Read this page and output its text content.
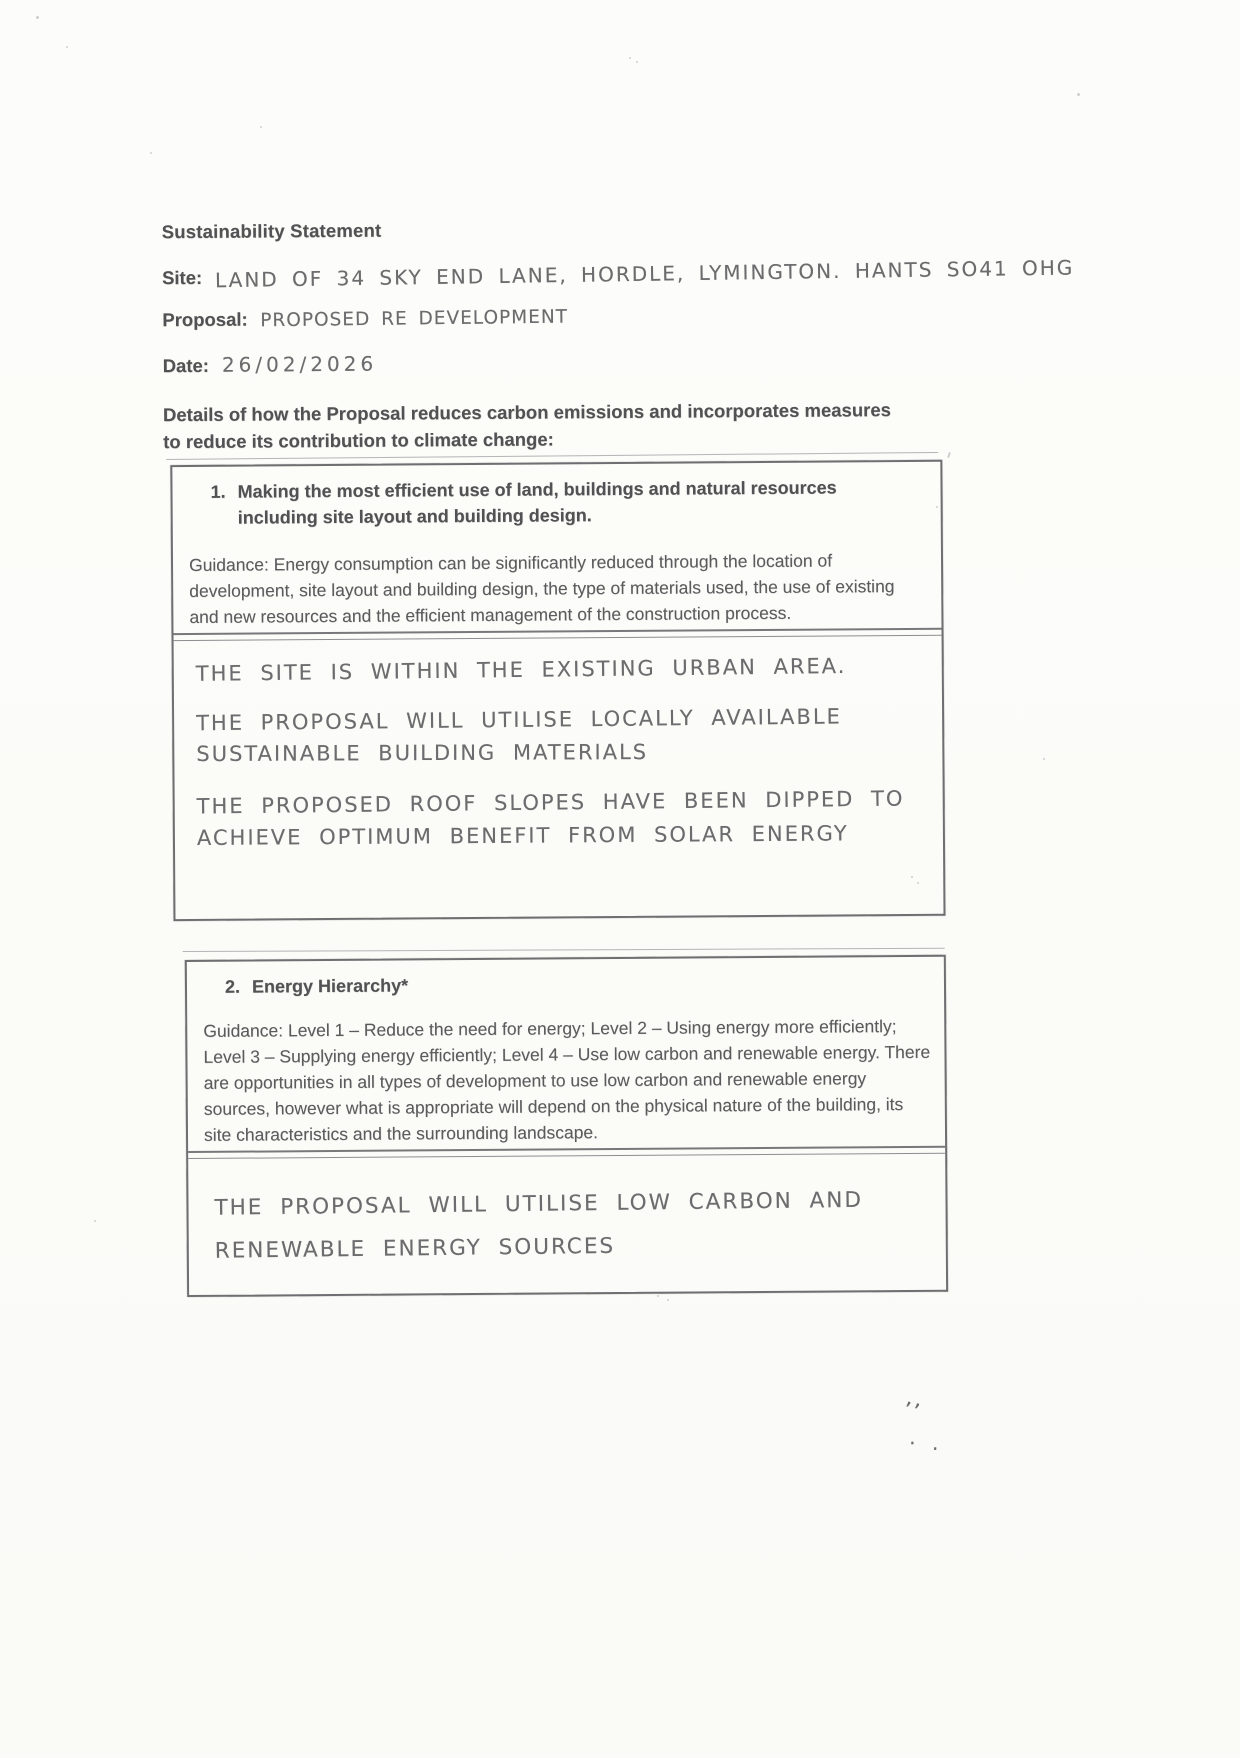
Sustainability Statement
Site: LAND OF 34 SKY END LANE, HORDLE, LYMINGTON. HANTS SO41 OHG
Proposal: PROPOSED RE DEVELOPMENT
Date: 26/02/2026

Details of how the Proposal reduces carbon emissions and incorporates measures to reduce its contribution to climate change:

1. Making the most efficient use of land, buildings and natural resources including site layout and building design.

Guidance: Energy consumption can be significantly reduced through the location of development, site layout and building design, the type of materials used, the use of existing and new resources and the efficient management of the construction process.

THE SITE IS WITHIN THE EXISTING URBAN AREA.
THE PROPOSAL WILL UTILISE LOCALLY AVAILABLE
SUSTAINABLE BUILDING MATERIALS
THE PROPOSED ROOF SLOPES HAVE BEEN DIPPED TO
ACHIEVE OPTIMUM BENEFIT FROM SOLAR ENERGY
2. Energy Hierarchy*

Guidance: Level 1 – Reduce the need for energy; Level 2 – Using energy more efficiently; Level 3 – Supplying energy efficiently; Level 4 – Use low carbon and renewable energy. There are opportunities in all types of development to use low carbon and renewable energy sources, however what is appropriate will depend on the physical nature of the building, its site characteristics and the surrounding landscape.

THE PROPOSAL WILL UTILISE LOW CARBON AND
RENEWABLE ENERGY SOURCES
’’
· .
